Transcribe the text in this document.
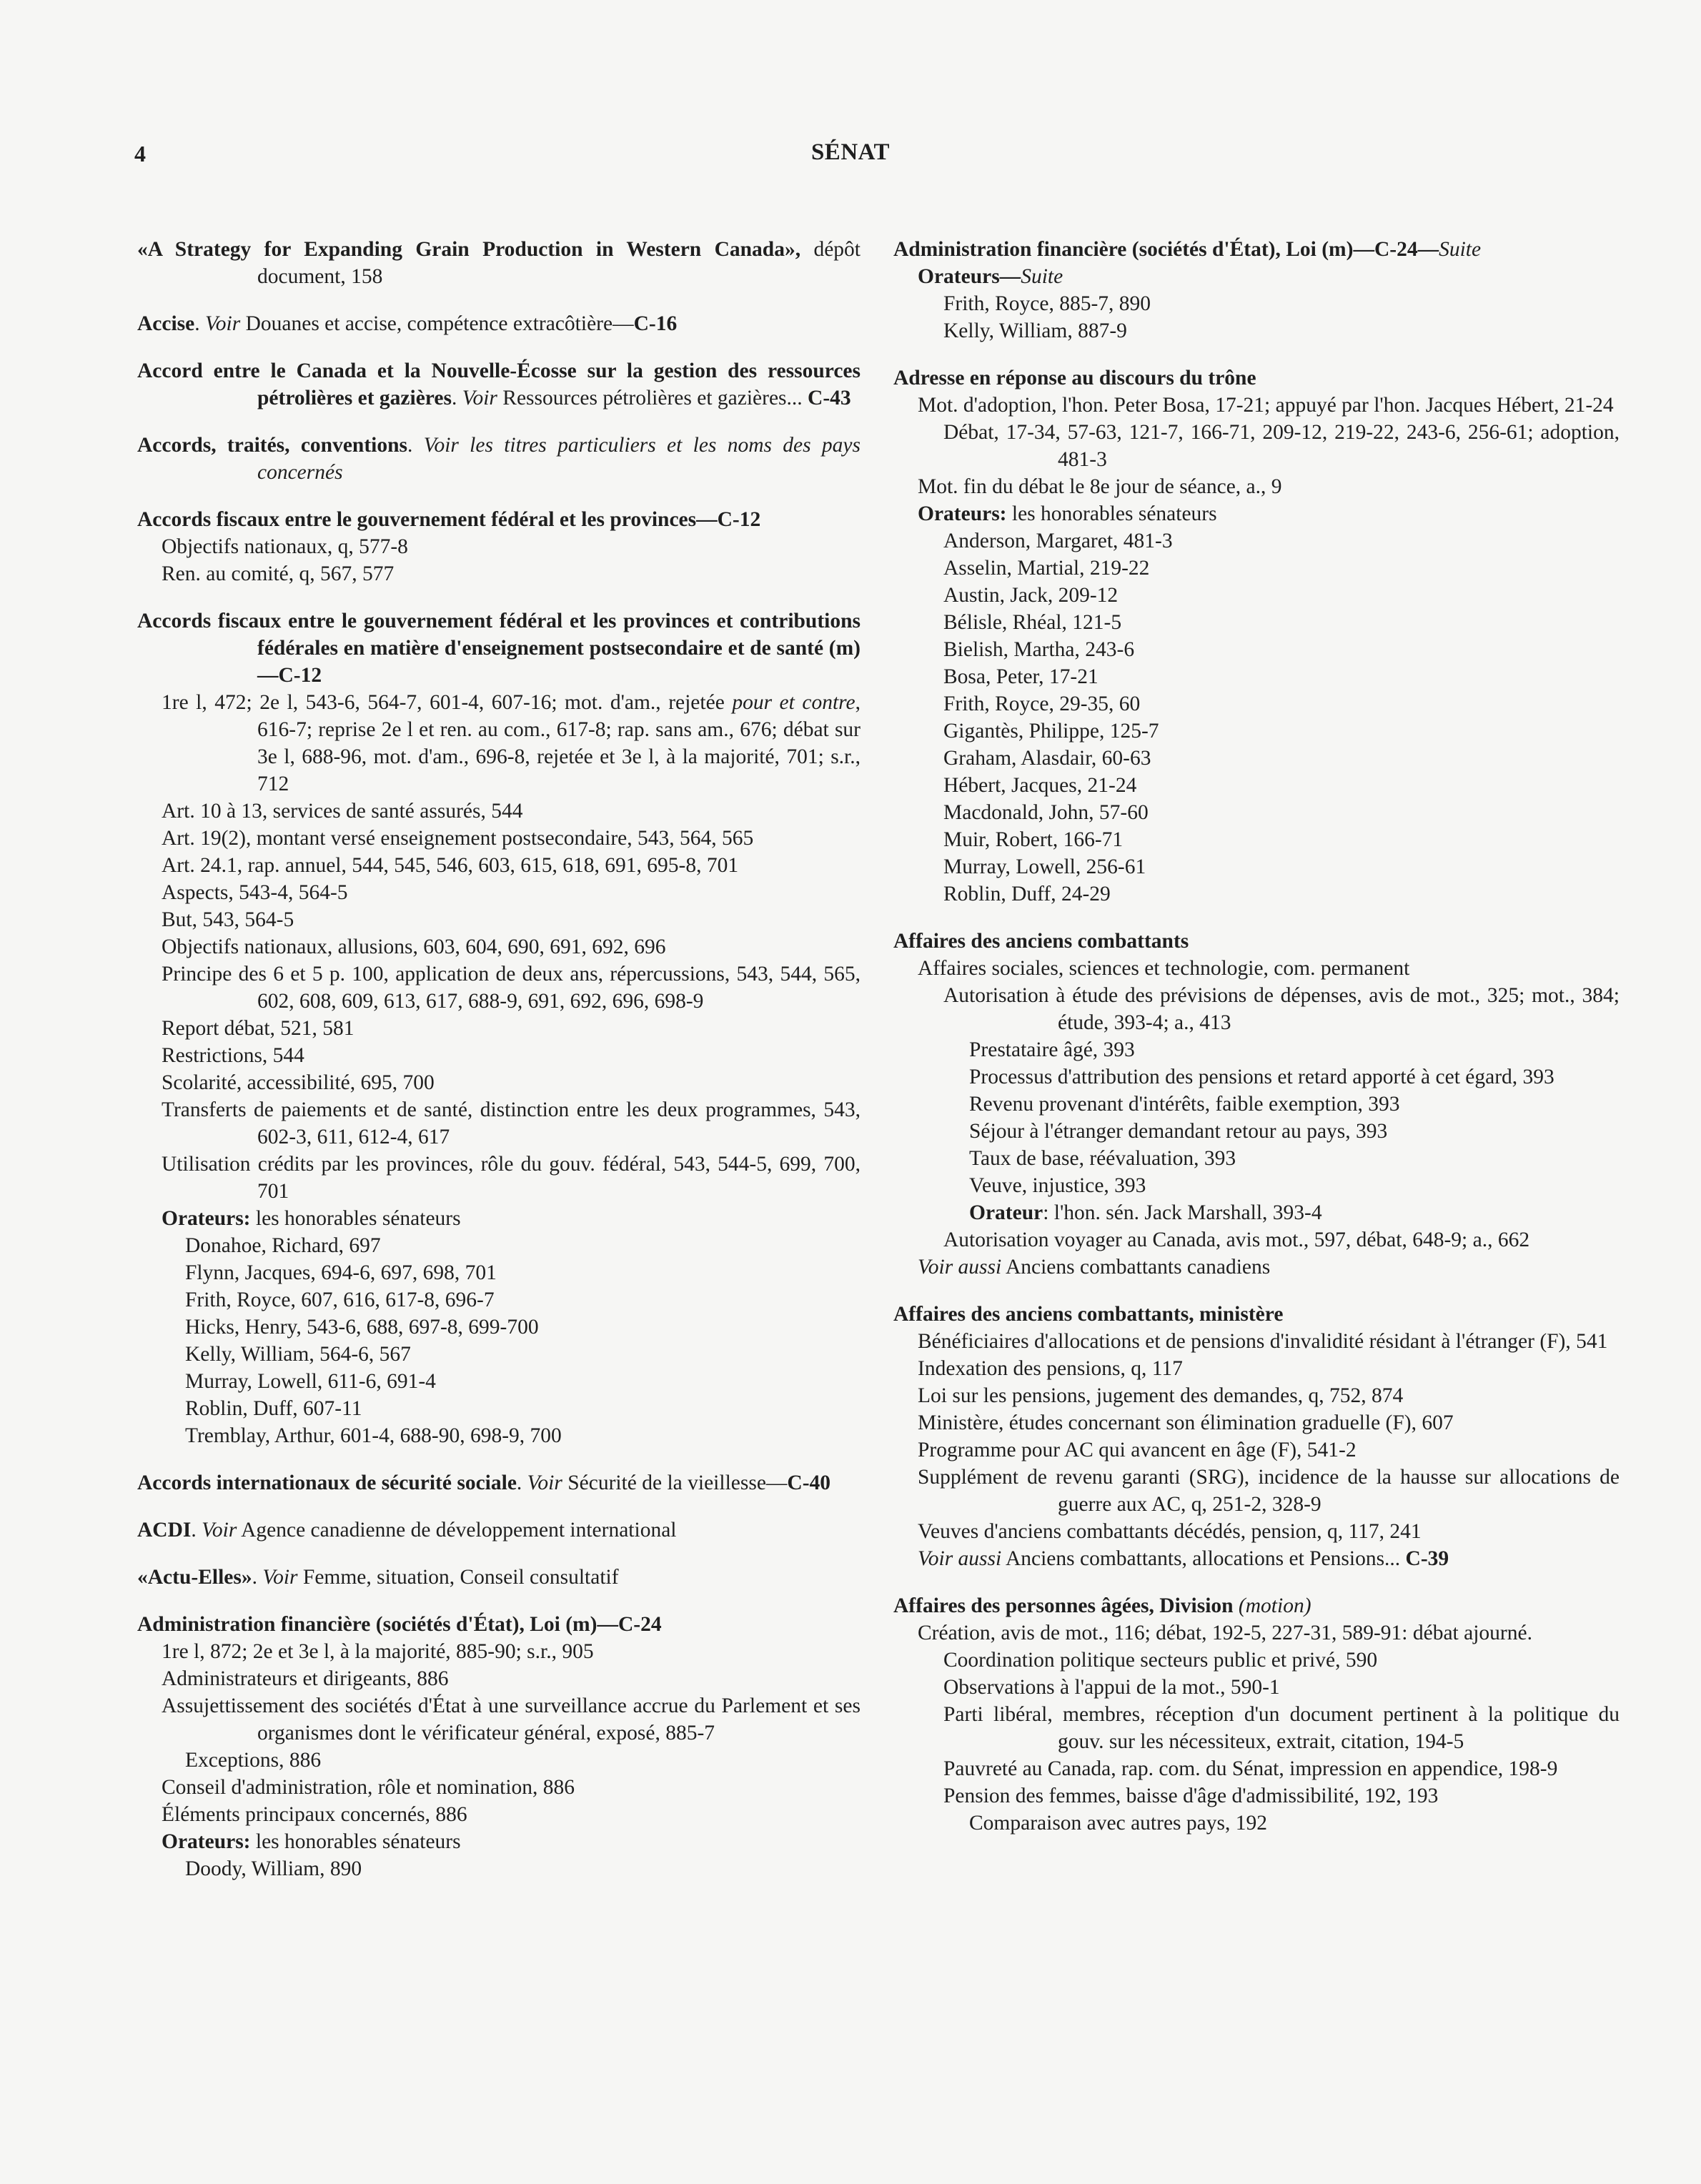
4	SÉNAT
«A Strategy for Expanding Grain Production in Western Canada», dépôt document, 158
Accise. Voir Douanes et accise, compétence extracôtière—C-16
Accord entre le Canada et la Nouvelle-Écosse sur la gestion des ressources pétrolières et gazières. Voir Ressources pétrolières et gazières... C-43
Accords, traités, conventions. Voir les titres particuliers et les noms des pays concernés
Accords fiscaux entre le gouvernement fédéral et les provinces—C-12
Objectifs nationaux, q, 577-8
Ren. au comité, q, 567, 577
Accords fiscaux entre le gouvernement fédéral et les provinces et contributions fédérales en matière d'enseignement postsecondaire et de santé (m)—C-12
1re l, 472; 2e l, 543-6, 564-7, 601-4, 607-16; mot. d'am., rejetée pour et contre, 616-7; reprise 2e l et ren. au com., 617-8; rap. sans am., 676; débat sur 3e l, 688-96, mot. d'am., 696-8, rejetée et 3e l, à la majorité, 701; s.r., 712
Art. 10 à 13, services de santé assurés, 544
Art. 19(2), montant versé enseignement postsecondaire, 543, 564, 565
Art. 24.1, rap. annuel, 544, 545, 546, 603, 615, 618, 691, 695-8, 701
Aspects, 543-4, 564-5
But, 543, 564-5
Objectifs nationaux, allusions, 603, 604, 690, 691, 692, 696
Principe des 6 et 5 p. 100, application de deux ans, répercussions, 543, 544, 565, 602, 608, 609, 613, 617, 688-9, 691, 692, 696, 698-9
Report débat, 521, 581
Restrictions, 544
Scolarité, accessibilité, 695, 700
Transferts de paiements et de santé, distinction entre les deux programmes, 543, 602-3, 611, 612-4, 617
Utilisation crédits par les provinces, rôle du gouv. fédéral, 543, 544-5, 699, 700, 701
Orateurs: les honorables sénateurs
Donahoe, Richard, 697
Flynn, Jacques, 694-6, 697, 698, 701
Frith, Royce, 607, 616, 617-8, 696-7
Hicks, Henry, 543-6, 688, 697-8, 699-700
Kelly, William, 564-6, 567
Murray, Lowell, 611-6, 691-4
Roblin, Duff, 607-11
Tremblay, Arthur, 601-4, 688-90, 698-9, 700
Accords internationaux de sécurité sociale. Voir Sécurité de la vieillesse—C-40
ACDI. Voir Agence canadienne de développement international
«Actu-Elles». Voir Femme, situation, Conseil consultatif
Administration financière (sociétés d'État), Loi (m)—C-24
1re l, 872; 2e et 3e l, à la majorité, 885-90; s.r., 905
Administrateurs et dirigeants, 886
Assujettissement des sociétés d'État à une surveillance accrue du Parlement et ses organismes dont le vérificateur général, exposé, 885-7
Exceptions, 886
Conseil d'administration, rôle et nomination, 886
Éléments principaux concernés, 886
Orateurs: les honorables sénateurs
Doody, William, 890
Administration financière (sociétés d'État), Loi (m)—C-24—Suite
Orateurs—Suite
Frith, Royce, 885-7, 890
Kelly, William, 887-9
Adresse en réponse au discours du trône
Mot. d'adoption, l'hon. Peter Bosa, 17-21; appuyé par l'hon. Jacques Hébert, 21-24
Débat, 17-34, 57-63, 121-7, 166-71, 209-12, 219-22, 243-6, 256-61; adoption, 481-3
Mot. fin du débat le 8e jour de séance, a., 9
Orateurs: les honorables sénateurs
Anderson, Margaret, 481-3
Asselin, Martial, 219-22
Austin, Jack, 209-12
Bélisle, Rhéal, 121-5
Bielish, Martha, 243-6
Bosa, Peter, 17-21
Frith, Royce, 29-35, 60
Gigantès, Philippe, 125-7
Graham, Alasdair, 60-63
Hébert, Jacques, 21-24
Macdonald, John, 57-60
Muir, Robert, 166-71
Murray, Lowell, 256-61
Roblin, Duff, 24-29
Affaires des anciens combattants
Affaires sociales, sciences et technologie, com. permanent
Autorisation à étude des prévisions de dépenses, avis de mot., 325; mot., 384; étude, 393-4; a., 413
Prestataire âgé, 393
Processus d'attribution des pensions et retard apporté à cet égard, 393
Revenu provenant d'intérêts, faible exemption, 393
Séjour à l'étranger demandant retour au pays, 393
Taux de base, réévaluation, 393
Veuve, injustice, 393
Orateur: l'hon. sén. Jack Marshall, 393-4
Autorisation voyager au Canada, avis mot., 597, débat, 648-9; a., 662
Voir aussi Anciens combattants canadiens
Affaires des anciens combattants, ministère
Bénéficiaires d'allocations et de pensions d'invalidité résidant à l'étranger (F), 541
Indexation des pensions, q, 117
Loi sur les pensions, jugement des demandes, q, 752, 874
Ministère, études concernant son élimination graduelle (F), 607
Programme pour AC qui avancent en âge (F), 541-2
Supplément de revenu garanti (SRG), incidence de la hausse sur allocations de guerre aux AC, q, 251-2, 328-9
Veuves d'anciens combattants décédés, pension, q, 117, 241
Voir aussi Anciens combattants, allocations et Pensions... C-39
Affaires des personnes âgées, Division (motion)
Création, avis de mot., 116; débat, 192-5, 227-31, 589-91: débat ajourné.
Coordination politique secteurs public et privé, 590
Observations à l'appui de la mot., 590-1
Parti libéral, membres, réception d'un document pertinent à la politique du gouv. sur les nécessiteux, extrait, citation, 194-5
Pauvreté au Canada, rap. com. du Sénat, impression en appendice, 198-9
Pension des femmes, baisse d'âge d'admissibilité, 192, 193
Comparaison avec autres pays, 192
